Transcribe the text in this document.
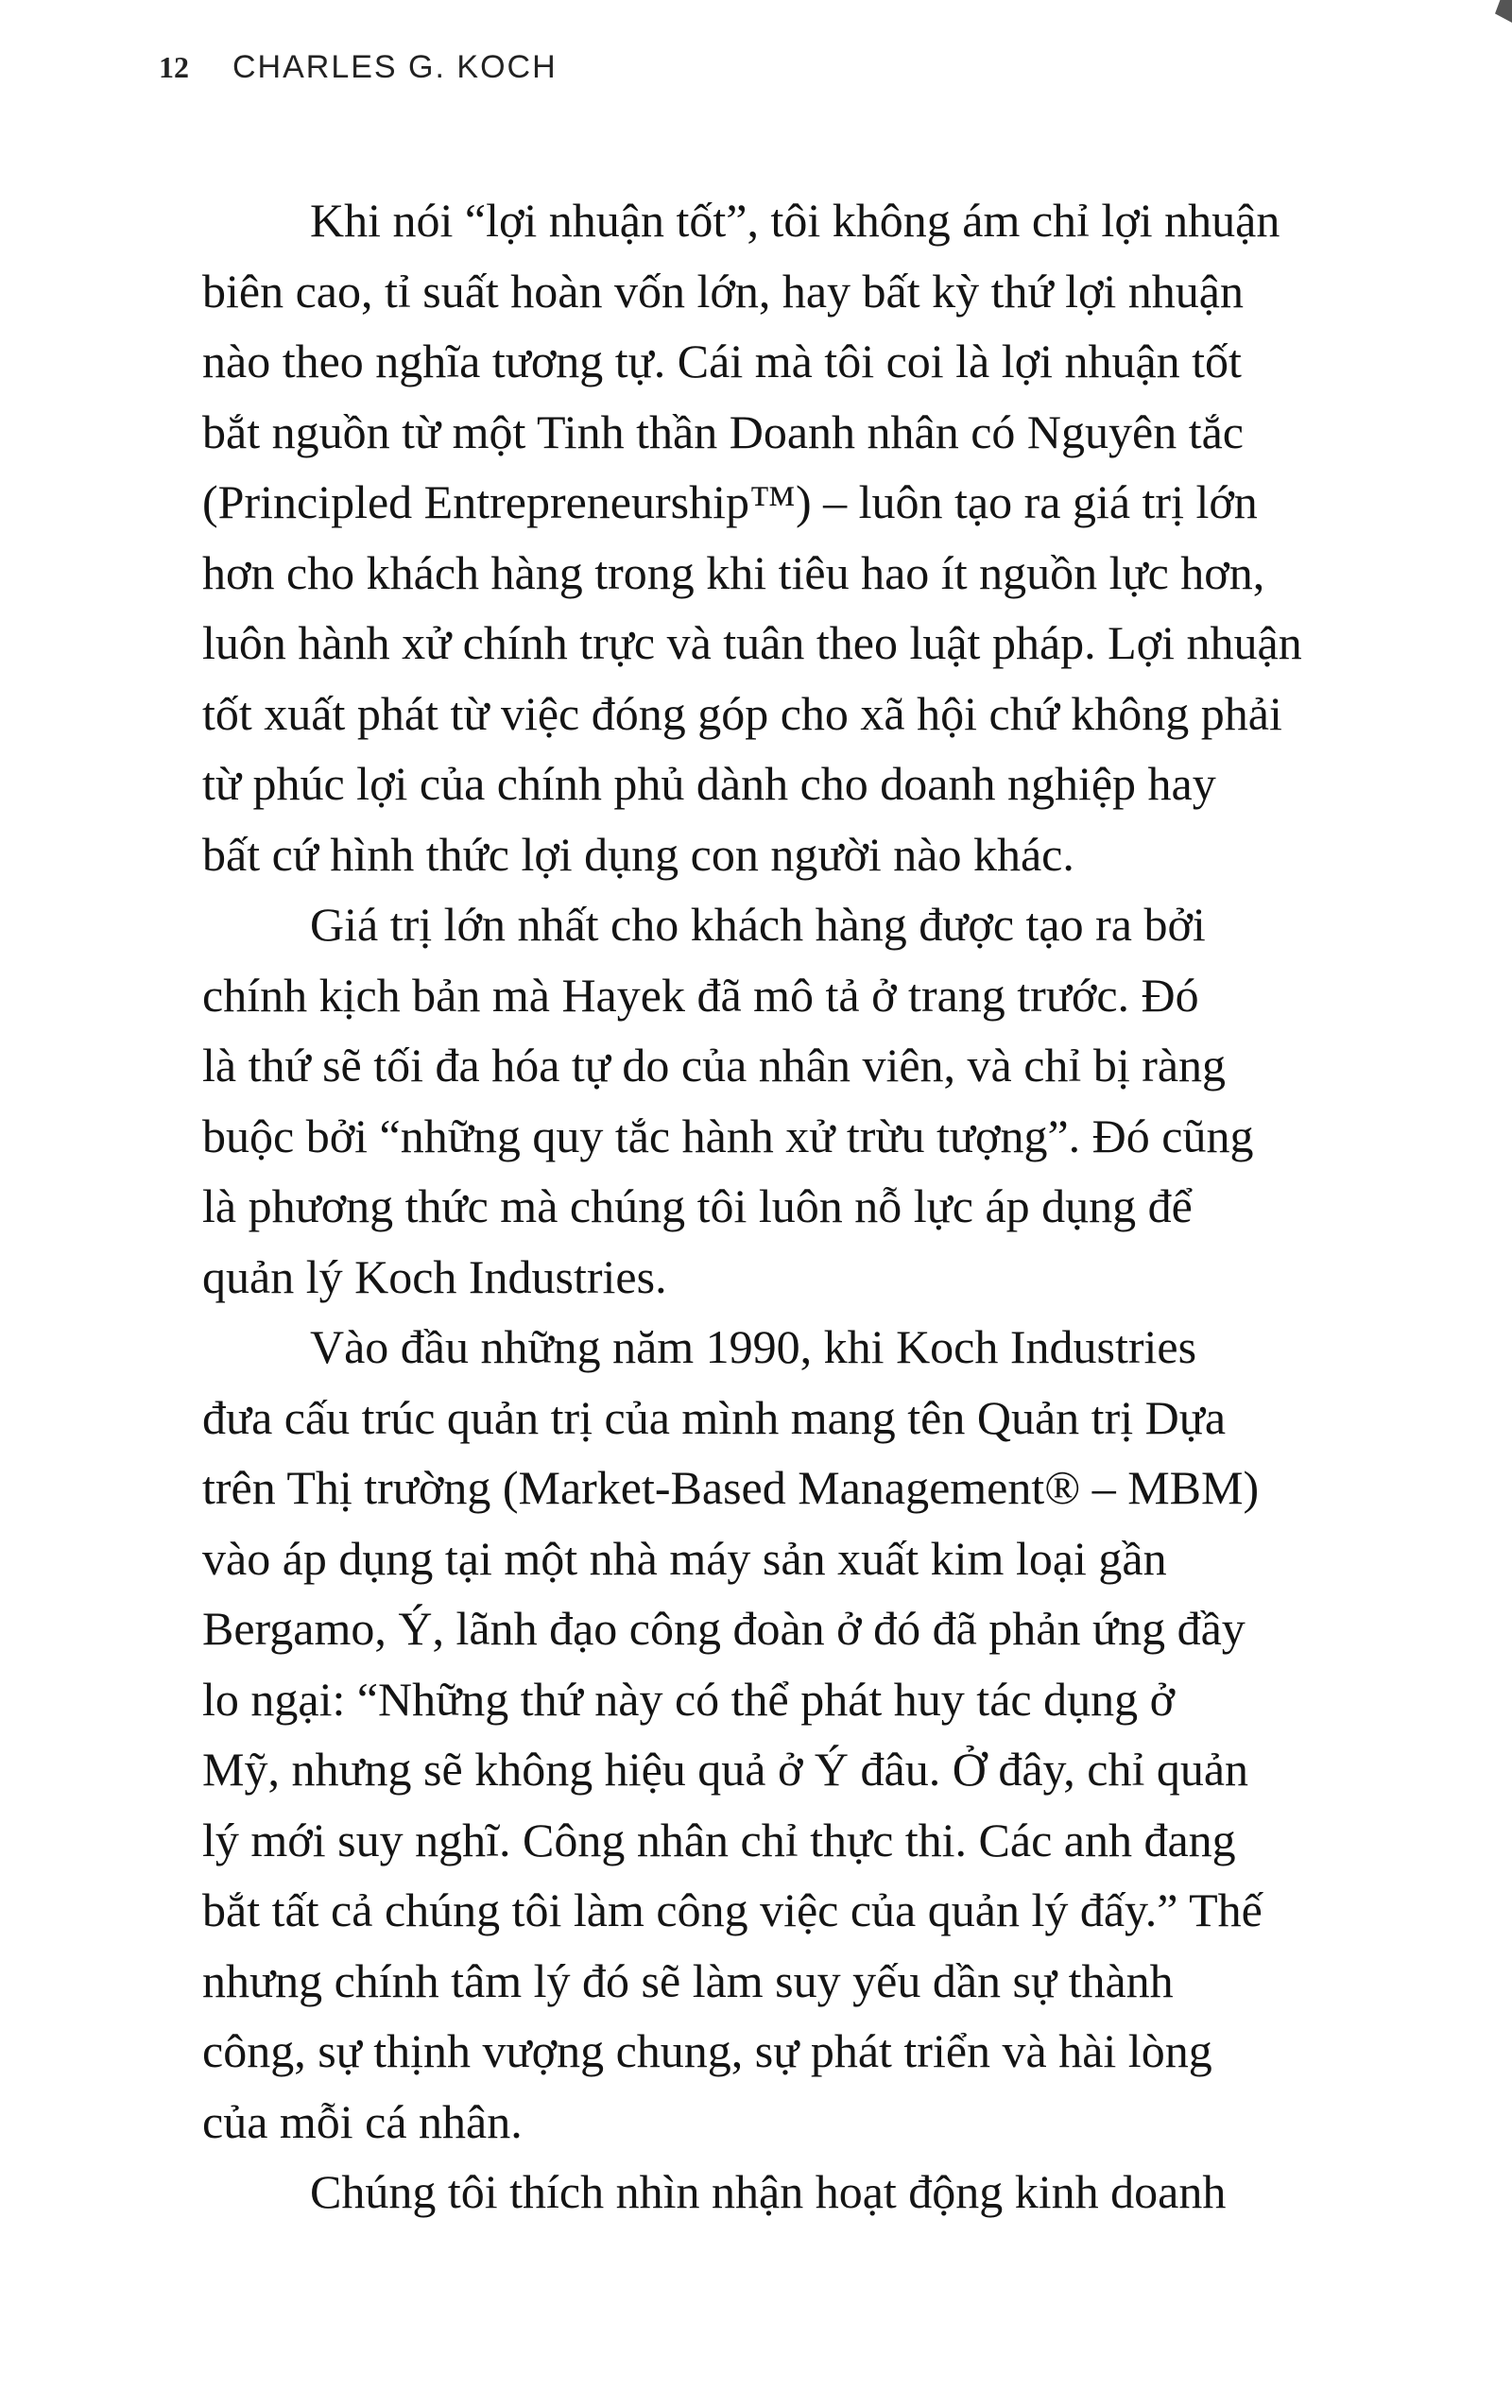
12 CHARLES G. KOCH

Khi nói “lợi nhuận tốt”, tôi không ám chỉ lợi nhuận
biên cao, tỉ suất hoàn vốn lớn, hay bất kỳ thứ lợi nhuận
nào theo nghĩa tương tự. Cái mà tôi coi là lợi nhuận tốt
bắt nguồn từ một Tinh thần Doanh nhân có Nguyên tắc
(Principled Entrepreneurship™) – luôn tạo ra giá trị lớn
hơn cho khách hàng trong khi tiêu hao ít nguồn lực hơn,
luôn hành xử chính trực và tuân theo luật pháp. Lợi nhuận
tốt xuất phát từ việc đóng góp cho xã hội chứ không phải
từ phúc lợi của chính phủ dành cho doanh nghiệp hay
bất cứ hình thức lợi dụng con người nào khác.

Giá trị lớn nhất cho khách hàng được tạo ra bởi
chính kịch bản mà Hayek đã mô tả ở trang trước. Đó
là thứ sẽ tối đa hóa tự do của nhân viên, và chỉ bị ràng
buộc bởi “những quy tắc hành xử trừu tượng”. Đó cũng
là phương thức mà chúng tôi luôn nỗ lực áp dụng để
quản lý Koch Industries.

Vào đầu những năm 1990, khi Koch Industries
đưa cấu trúc quản trị của mình mang tên Quản trị Dựa
trên Thị trường (Market-Based Management® – MBM)
vào áp dụng tại một nhà máy sản xuất kim loại gần
Bergamo, Ý, lãnh đạo công đoàn ở đó đã phản ứng đầy
lo ngại: “Những thứ này có thể phát huy tác dụng ở
Mỹ, nhưng sẽ không hiệu quả ở Ý đâu. Ở đây, chỉ quản
lý mới suy nghĩ. Công nhân chỉ thực thi. Các anh đang
bắt tất cả chúng tôi làm công việc của quản lý đấy.” Thế
nhưng chính tâm lý đó sẽ làm suy yếu dần sự thành
công, sự thịnh vượng chung, sự phát triển và hài lòng
của mỗi cá nhân.

Chúng tôi thích nhìn nhận hoạt động kinh doanh
